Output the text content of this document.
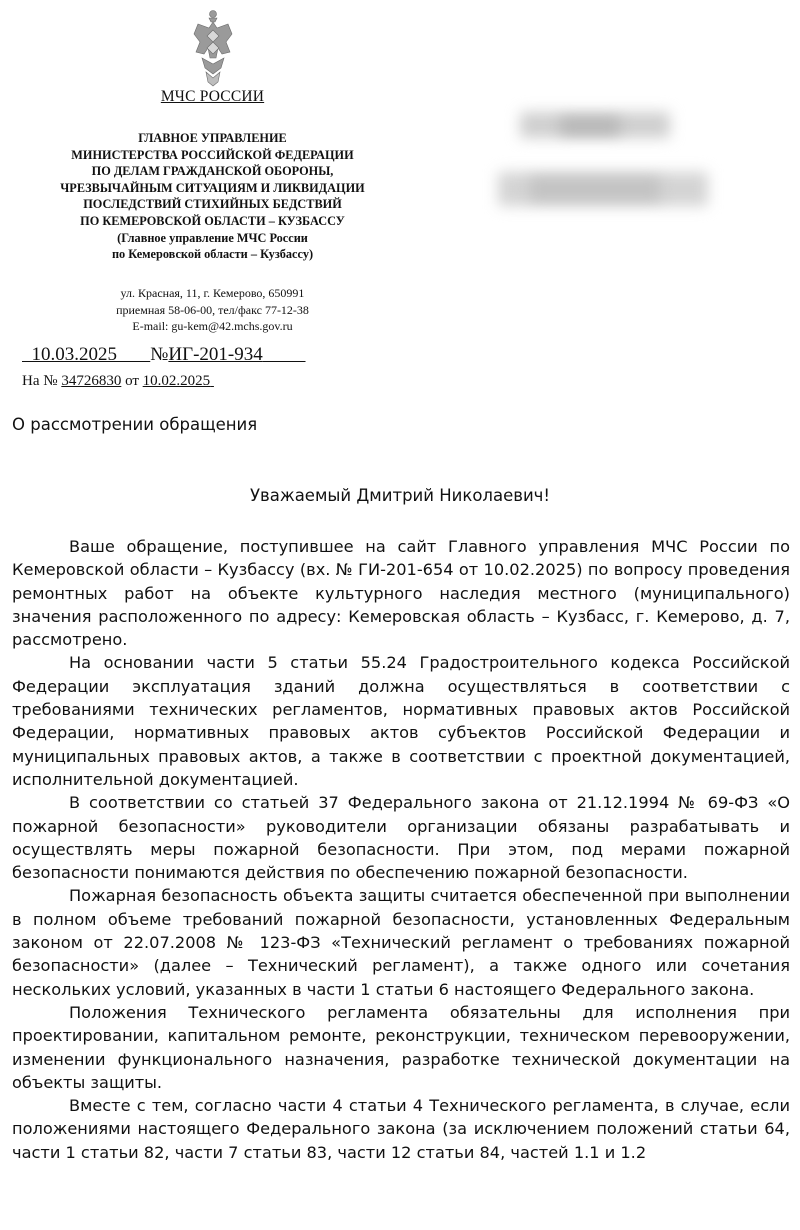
МЧС РОССИИ
ГЛАВНОЕ УПРАВЛЕНИЕ
МИНИСТЕРСТВА РОССИЙСКОЙ ФЕДЕРАЦИИ
ПО ДЕЛАМ ГРАЖДАНСКОЙ ОБОРОНЫ,
ЧРЕЗВЫЧАЙНЫМ СИТУАЦИЯМ И ЛИКВИДАЦИИ
ПОСЛЕДСТВИЙ СТИХИЙНЫХ БЕДСТВИЙ
ПО КЕМЕРОВСКОЙ ОБЛАСТИ – КУЗБАССУ
(Главное управление МЧС России
по Кемеровской области – Кузбассу)
ул. Красная, 11, г. Кемерово, 650991
приемная 58-06-00, тел/факс 77-12-38
E-mail: gu-kem@42.mchs.gov.ru
10.03.2025 №ИГ-201-934
На № 34726830 от 10.02.2025
О рассмотрении обращения
Уважаемый Дмитрий Николаевич!

Ваше обращение, поступившее на сайт Главного управления МЧС России по Кемеровской области – Кузбассу (вх. № ГИ-201-654 от 10.02.2025) по вопросу проведения ремонтных работ на объекте культурного наследия местного (муниципального) значения расположенного по адресу: Кемеровская область – Кузбасс, г. Кемерово, д. 7, рассмотрено.

На основании части 5 статьи 55.24 Градостроительного кодекса Российской Федерации эксплуатация зданий должна осуществляться в соответствии с требованиями технических регламентов, нормативных правовых актов Российской Федерации, нормативных правовых актов субъектов Российской Федерации и муниципальных правовых актов, а также в соответствии с проектной документацией, исполнительной документацией.

В соответствии со статьей 37 Федерального закона от 21.12.1994 № 69-ФЗ «О пожарной безопасности» руководители организации обязаны разрабатывать и осуществлять меры пожарной безопасности. При этом, под мерами пожарной безопасности понимаются действия по обеспечению пожарной безопасности.

Пожарная безопасность объекта защиты считается обеспеченной при выполнении в полном объеме требований пожарной безопасности, установленных Федеральным законом от 22.07.2008 № 123-ФЗ «Технический регламент о требованиях пожарной безопасности» (далее – Технический регламент), а также одного или сочетания нескольких условий, указанных в части 1 статьи 6 настоящего Федерального закона.

Положения Технического регламента обязательны для исполнения при проектировании, капитальном ремонте, реконструкции, техническом перевооружении, изменении функционального назначения, разработке технической документации на объекты защиты.

Вместе с тем, согласно части 4 статьи 4 Технического регламента, в случае, если положениями настоящего Федерального закона (за исключением положений статьи 64, части 1 статьи 82, части 7 статьи 83, части 12 статьи 84, частей 1.1 и 1.2
